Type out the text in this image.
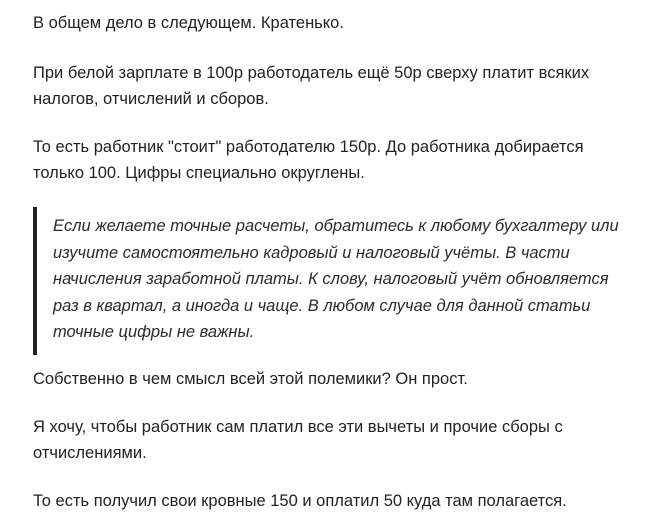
В общем дело в следующем. Кратенько.

При белой зарплате в 100р работодатель ещё 50р сверху платит всяких
налогов, отчислений и сборов.

То есть работник "стоит" работодателю 150р. До работника добирается
только 100. Цифры специально округлены.

Если желаете точные расчеты, обратитесь к любому бухгалтеру или
изучите самостоятельно кадровый и налоговый учёты. В части
начисления заработной платы. К слову, налоговый учёт обновляется
раз в квартал, а иногда и чаще. В любом случае для данной статьи
точные цифры не важны.

Собственно в чем смысл всей этой полемики? Он прост.

Я хочу, чтобы работник сам платил все эти вычеты и прочие сборы с
отчислениями.

То есть получил свои кровные 150 и оплатил 50 куда там полагается.
